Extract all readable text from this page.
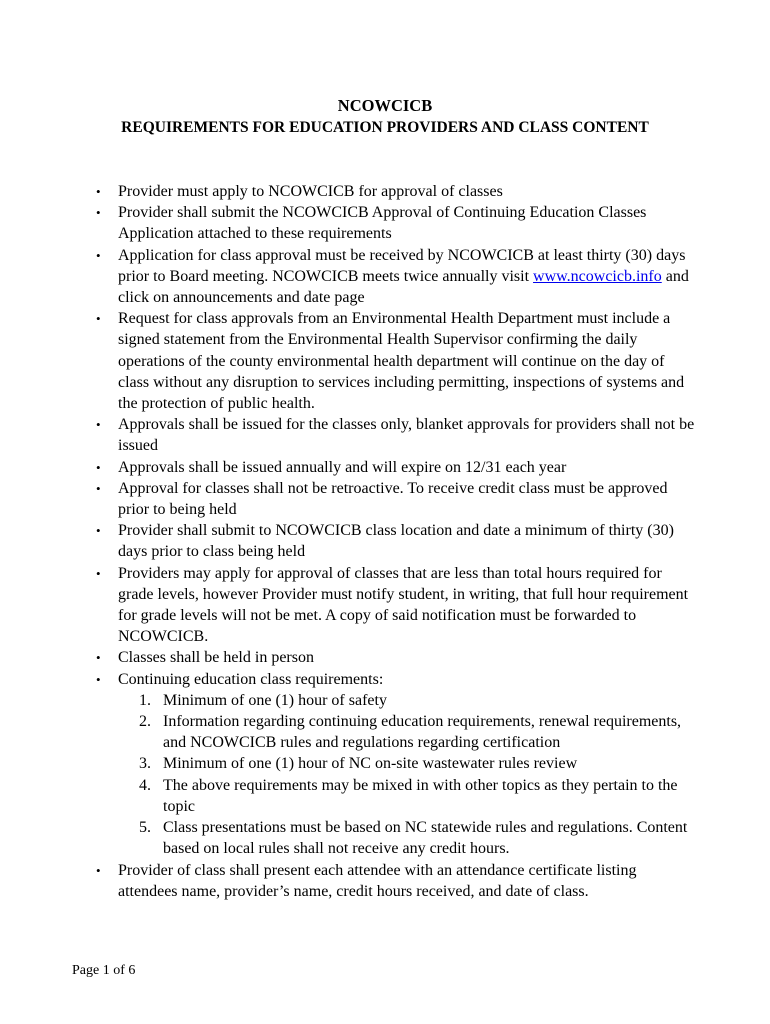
NCOWCICB
REQUIREMENTS FOR EDUCATION PROVIDERS AND CLASS CONTENT
• Provider must apply to NCOWCICB for approval of classes
• Provider shall submit the NCOWCICB Approval of Continuing Education Classes Application attached to these requirements
• Application for class approval must be received by NCOWCICB at least thirty (30) days prior to Board meeting. NCOWCICB meets twice annually visit www.ncowcicb.info and click on announcements and date page
• Request for class approvals from an Environmental Health Department must include a signed statement from the Environmental Health Supervisor confirming the daily operations of the county environmental health department will continue on the day of class without any disruption to services including permitting, inspections of systems and the protection of public health.
• Approvals shall be issued for the classes only, blanket approvals for providers shall not be issued
• Approvals shall be issued annually and will expire on 12/31 each year
• Approval for classes shall not be retroactive. To receive credit class must be approved prior to being held
• Provider shall submit to NCOWCICB class location and date a minimum of thirty (30) days prior to class being held
• Providers may apply for approval of classes that are less than total hours required for grade levels, however Provider must notify student, in writing, that full hour requirement for grade levels will not be met. A copy of said notification must be forwarded to NCOWCICB.
• Classes shall be held in person
• Continuing education class requirements:
1. Minimum of one (1) hour of safety
2. Information regarding continuing education requirements, renewal requirements, and NCOWCICB rules and regulations regarding certification
3. Minimum of one (1) hour of NC on-site wastewater rules review
4. The above requirements may be mixed in with other topics as they pertain to the topic
5. Class presentations must be based on NC statewide rules and regulations. Content based on local rules shall not receive any credit hours.
• Provider of class shall present each attendee with an attendance certificate listing attendees name, provider’s name, credit hours received, and date of class.
Page 1 of 6
